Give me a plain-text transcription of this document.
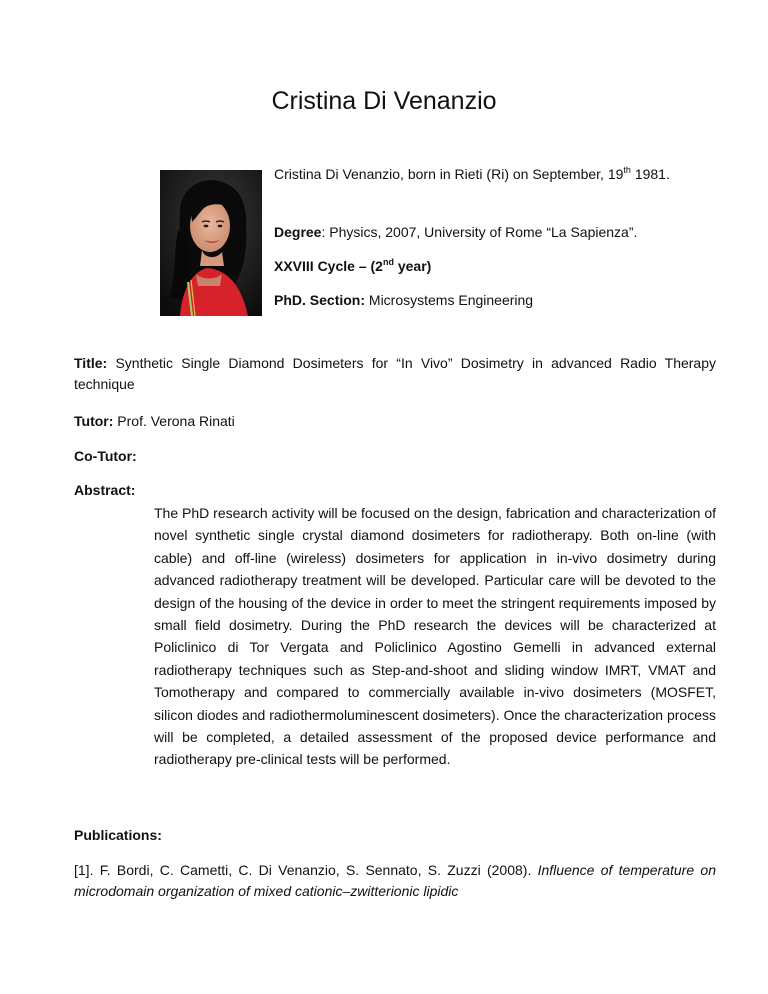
Cristina Di Venanzio

Cristina Di Venanzio, born in Rieti (Ri) on September, 19th 1981.

Degree: Physics, 2007, University of Rome “La Sapienza”.

XXVIII Cycle – (2nd year)

PhD. Section: Microsystems Engineering

Title: Synthetic Single Diamond Dosimeters for “In Vivo” Dosimetry in advanced Radio Therapy technique

Tutor: Prof. Verona Rinati

Co-Tutor:

Abstract:

The PhD research activity will be focused on the design, fabrication and characterization of novel synthetic single crystal diamond dosimeters for radiotherapy. Both on-line (with cable) and off-line (wireless) dosimeters for application in in-vivo dosimetry during advanced radiotherapy treatment will be developed. Particular care will be devoted to the design of the housing of the device in order to meet the stringent requirements imposed by small field dosimetry. During the PhD research the devices will be characterized at Policlinico di Tor Vergata and Policlinico Agostino Gemelli in advanced external radiotherapy techniques such as Step-and-shoot and sliding window IMRT, VMAT and Tomotherapy and compared to commercially available in-vivo dosimeters (MOSFET, silicon diodes and radiothermoluminescent dosimeters). Once the characterization process will be completed, a detailed assessment of the proposed device performance and radiotherapy pre-clinical tests will be performed.

Publications:

[1]. F. Bordi, C. Cametti, C. Di Venanzio, S. Sennato, S. Zuzzi (2008). Influence of temperature on microdomain organization of mixed cationic–zwitterionic lipidic
